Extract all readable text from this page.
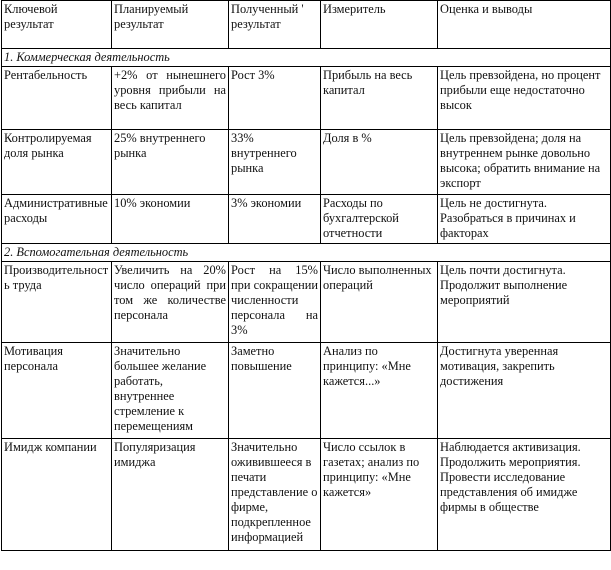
Ключевой результат	Планируемый результат	Полученный ' результат	Измеритель	Оценка и выводы
1. Коммерческая деятельность				
Рентабельность	+2% от нынешнего уровня прибыли на весь капитал	Рост 3%	Прибыль на весь капитал	Цель превзойдена, но процент прибыли еще недостаточно высок
Контролируемая доля рынка	25% внутреннего рынка	33% внутреннего рынка	Доля в %	Цель превзойдена; доля на внутреннем рынке довольно высока; обратить внимание на экспорт
Административные расходы	10% экономии	3% экономии	Расходы по бухгалтерской отчетности	Цель не достигнута. Разобраться в причинах и факторах
2. Вспомогательная деятельность				
Производительность труда	Увеличить на 20% число операций при том же количестве персонала	Рост на 15% при сокращении численности персонала на 3%	Число выполненных операций	Цель почти достигнута. Продолжит выполнение мероприятий
Мотивация персонала	Значительно большее желание работать, внутреннее стремление к перемещениям	Заметно повышение	Анализ по принципу: «Мне кажется...»	Достигнута уверенная мотивация, закрепить достижения
Имидж компании	Популяризация имиджа	Значительно оживившееся в печати представление о фирме, подкрепленное информацией	Число ссылок в газетах; анализ по принципу: «Мне кажется»	Наблюдается активизация. Продолжить мероприятия. Провести исследование представления об имидже фирмы в обществе
